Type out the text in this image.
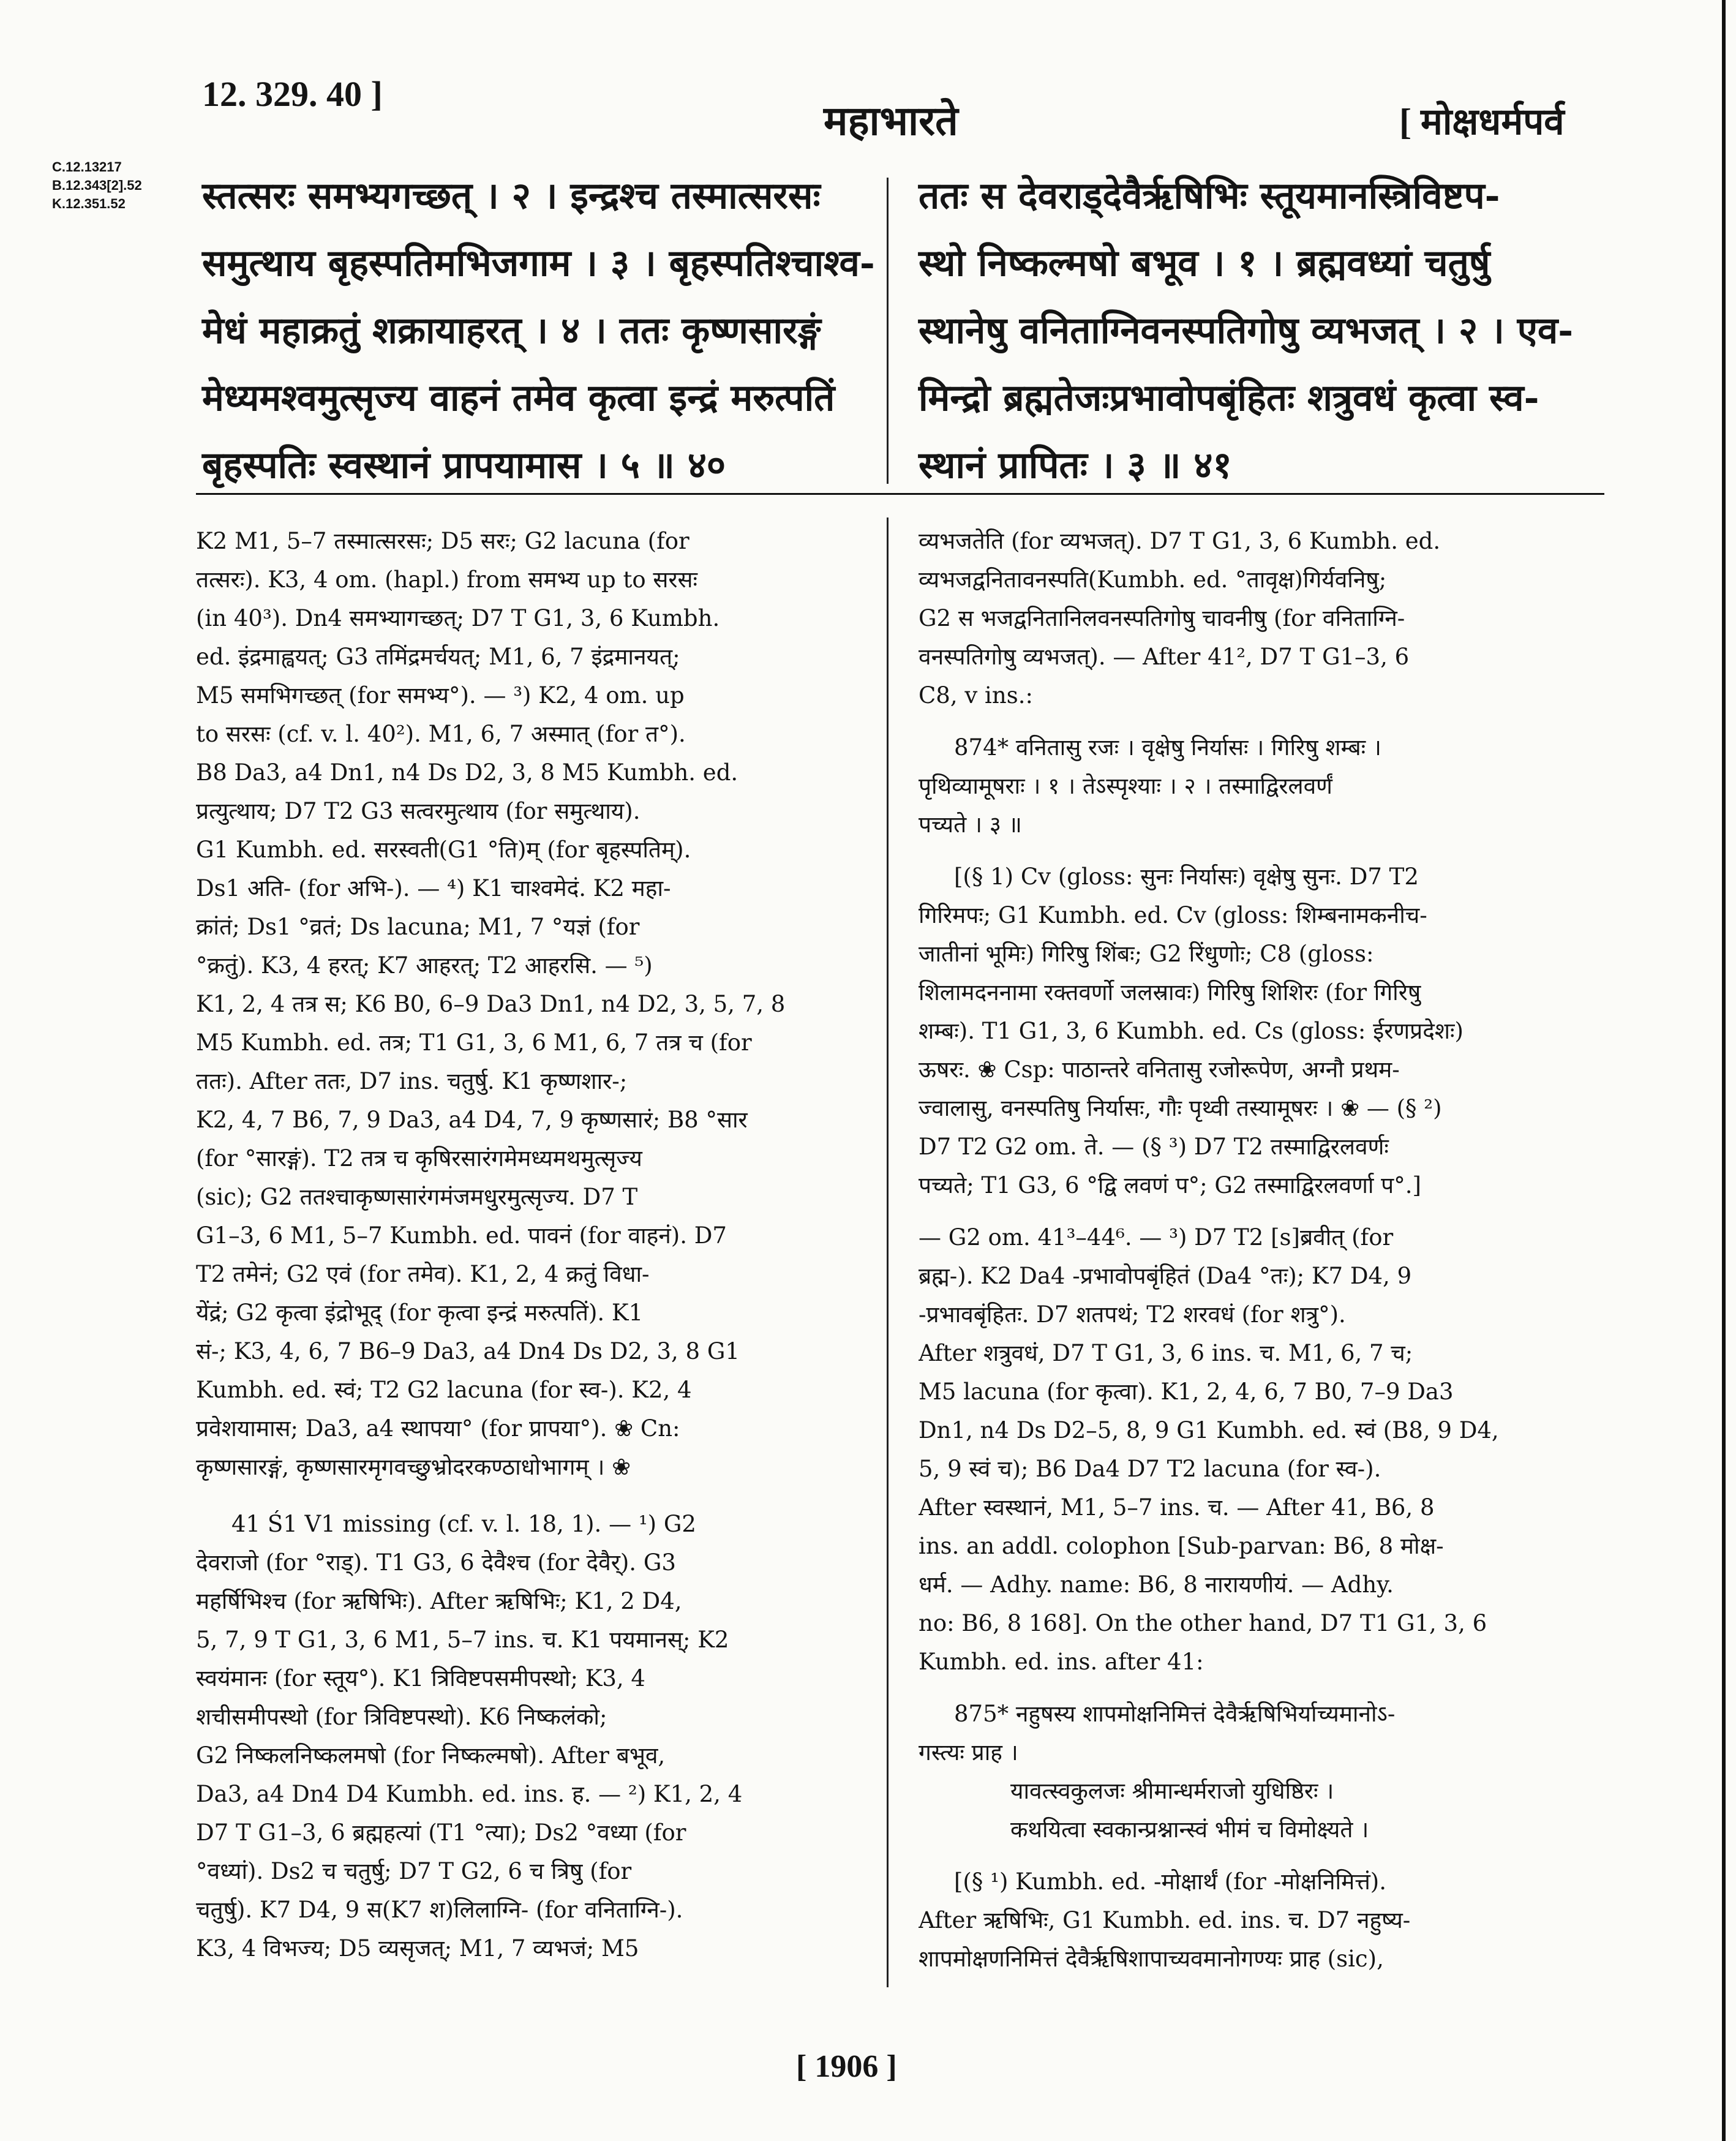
12. 329. 40 ]
महाभारते	[ मोक्षधर्मपर्व
C.12.13217
B.12.343[2].52
K.12.351.52	स्तत्सरः समभ्यगच्छत् । २ । इन्द्रश्च तस्मात्सरसः

समुत्थाय बृहस्पतिमभिजगाम । ३ । बृहस्पतिश्चाश्व-

मेधं महाक्रतुं शक्रायाहरत् । ४ । ततः कृष्णसारङ्गं

मेध्यमश्वमुत्सृज्य वाहनं तमेव कृत्वा इन्द्रं मरुत्पतिं

बृहस्पतिः स्वस्थानं प्रापयामास । ५ ॥ ४०

ततः स देवराड्देवैर्ऋषिभिः स्तूयमानस्त्रिविष्टप-

स्थो निष्कल्मषो बभूव । १ । ब्रह्मवध्यां चतुर्षु

स्थानेषु वनिताग्निवनस्पतिगोषु व्यभजत् । २ । एव-

मिन्द्रो ब्रह्मतेजःप्रभावोपबृंहितः शत्रुवधं कृत्वा स्व-

स्थानं प्रापितः । ३ ॥ ४१

K2 M1, 5–7 तस्मात्सरसः; D5 सरः; G2 lacuna (for

तत्सरः). K3, 4 om. (hapl.) from समभ्य up to सरसः

(in 40³). Dn4 समभ्यागच्छत्; D7 T G1, 3, 6 Kumbh.

ed. इंद्रमाह्वयत्; G3 तमिंद्रमर्चयत्; M1, 6, 7 इंद्रमानयत्;

M5 समभिगच्छत् (for समभ्य°). — ³) K2, 4 om. up

to सरसः (cf. v. l. 40²). M1, 6, 7 अस्मात् (for त°).

B8 Da3, a4 Dn1, n4 Ds D2, 3, 8 M5 Kumbh. ed.

प्रत्युत्थाय; D7 T2 G3 सत्वरमुत्थाय (for समुत्थाय).

G1 Kumbh. ed. सरस्वती(G1 °ति)म् (for बृहस्पतिम्).

Ds1 अति- (for अभि-). — ⁴) K1 चाश्वमेदं. K2 महा-

क्रांतं; Ds1 °व्रतं; Ds lacuna; M1, 7 °यज्ञं (for

°क्रतुं). K3, 4 हरत्; K7 आहरत्; T2 आहरसि. — ⁵)

K1, 2, 4 तत्र स; K6 B0, 6–9 Da3 Dn1, n4 D2, 3, 5, 7, 8

M5 Kumbh. ed. तत्र; T1 G1, 3, 6 M1, 6, 7 तत्र च (for

ततः). After ततः, D7 ins. चतुर्षु. K1 कृष्णशार-;

K2, 4, 7 B6, 7, 9 Da3, a4 D4, 7, 9 कृष्णसारं; B8 °सार

(for °सारङ्गं). T2 तत्र च कृषिरसारंगमेमध्यमथमुत्सृज्य

(sic); G2 ततश्चाकृष्णसारंगमंजमधुरमुत्सृज्य. D7 T

G1–3, 6 M1, 5–7 Kumbh. ed. पावनं (for वाहनं). D7

T2 तमेनं; G2 एवं (for तमेव). K1, 2, 4 क्रतुं विधा-

येंद्रं; G2 कृत्वा इंद्रोभूद् (for कृत्वा इन्द्रं मरुत्पतिं). K1

सं-; K3, 4, 6, 7 B6–9 Da3, a4 Dn4 Ds D2, 3, 8 G1

Kumbh. ed. स्वं; T2 G2 lacuna (for स्व-). K2, 4

प्रवेशयामास; Da3, a4 स्थापया° (for प्रापया°). ❀ Cn:

कृष्णसारङ्गं, कृष्णसारमृगवच्छुभ्रोदरकण्ठाधोभागम् । ❀

41 Ś1 V1 missing (cf. v. l. 18, 1). — ¹) G2

देवराजो (for °राड्). T1 G3, 6 देवैश्च (for देवैर्). G3

महर्षिभिश्च (for ऋषिभिः). After ऋषिभिः; K1, 2 D4,

5, 7, 9 T G1, 3, 6 M1, 5–7 ins. च. K1 पयमानस्; K2

स्वयंमानः (for स्तूय°). K1 त्रिविष्टपसमीपस्थो; K3, 4

शचीसमीपस्थो (for त्रिविष्टपस्थो). K6 निष्कलंको;

G2 निष्कलनिष्कलमषो (for निष्कल्मषो). After बभूव,

Da3, a4 Dn4 D4 Kumbh. ed. ins. ह. — ²) K1, 2, 4

D7 T G1–3, 6 ब्रह्महत्यां (T1 °त्या); Ds2 °वध्या (for

°वध्यां). Ds2 च चतुर्षु; D7 T G2, 6 च त्रिषु (for

चतुर्षु). K7 D4, 9 स(K7 श)लिलाग्नि- (for वनिताग्नि-).

K3, 4 विभज्य; D5 व्यसृजत्; M1, 7 व्यभजं; M5

व्यभजतेति (for व्यभजत्). D7 T G1, 3, 6 Kumbh. ed.

व्यभजद्वनितावनस्पति(Kumbh. ed. °तावृक्ष)गिर्यवनिषु;

G2 स भजद्वनितानिलवनस्पतिगोषु चावनीषु (for वनिताग्नि-

वनस्पतिगोषु व्यभजत्). — After 41², D7 T G1–3, 6

C8, v ins.:

874* वनितासु रजः । वृक्षेषु निर्यासः । गिरिषु शम्बः ।

पृथिव्यामूषराः । १ । तेऽस्पृश्याः । २ । तस्माद्विरलवर्णं

पच्यते । ३ ॥

[(§ 1) Cv (gloss: सुनः निर्यासः) वृक्षेषु सुनः. D7 T2

गिरिमपः; G1 Kumbh. ed. Cv (gloss: शिम्बनामकनीच-

जातीनां भूमिः) गिरिषु शिंबः; G2 रिंधुणोः; C8 (gloss:

शिलामदननामा रक्तवर्णो जलस्रावः) गिरिषु शिशिरः (for गिरिषु

शम्बः). T1 G1, 3, 6 Kumbh. ed. Cs (gloss: ईरणप्रदेशः)

ऊषरः. ❀ Csp: पाठान्तरे वनितासु रजोरूपेण, अग्नौ प्रथम-

ज्वालासु, वनस्पतिषु निर्यासः, गौः पृथ्वी तस्यामूषरः । ❀ — (§ ²)

D7 T2 G2 om. ते. — (§ ³) D7 T2 तस्माद्विरलवर्णः

पच्यते; T1 G3, 6 °द्वि लवणं प°; G2 तस्माद्विरलवर्णा प°.]

— G2 om. 41³–44⁶. — ³) D7 T2 [s]ब्रवीत् (for

ब्रह्म-). K2 Da4 -प्रभावोपबृंहितं (Da4 °तः); K7 D4, 9

-प्रभावबृंहितः. D7 शतपथं; T2 शरवधं (for शत्रु°).

After शत्रुवधं, D7 T G1, 3, 6 ins. च. M1, 6, 7 च;

M5 lacuna (for कृत्वा). K1, 2, 4, 6, 7 B0, 7–9 Da3

Dn1, n4 Ds D2–5, 8, 9 G1 Kumbh. ed. स्वं (B8, 9 D4,

5, 9 स्वं च); B6 Da4 D7 T2 lacuna (for स्व-).

After स्वस्थानं, M1, 5–7 ins. च. — After 41, B6, 8

ins. an addl. colophon [Sub-parvan: B6, 8 मोक्ष-

धर्म. — Adhy. name: B6, 8 नारायणीयं. — Adhy.

no: B6, 8 168]. On the other hand, D7 T1 G1, 3, 6

Kumbh. ed. ins. after 41:

875* नहुषस्य शापमोक्षनिमित्तं देवैर्ऋषिभिर्याच्यमानोऽ-

गस्त्यः प्राह ।

यावत्स्वकुलजः श्रीमान्धर्मराजो युधिष्ठिरः ।

कथयित्वा स्वकान्प्रश्नान्स्वं भीमं च विमोक्ष्यते ।

[(§ ¹) Kumbh. ed. -मोक्षार्थं (for -मोक्षनिमित्तं).

After ऋषिभिः, G1 Kumbh. ed. ins. च. D7 नहुष्य-

शापमोक्षणनिमित्तं देवैर्ऋषिशापाच्यवमानोगण्यः प्राह (sic),

[ 1906 ]
